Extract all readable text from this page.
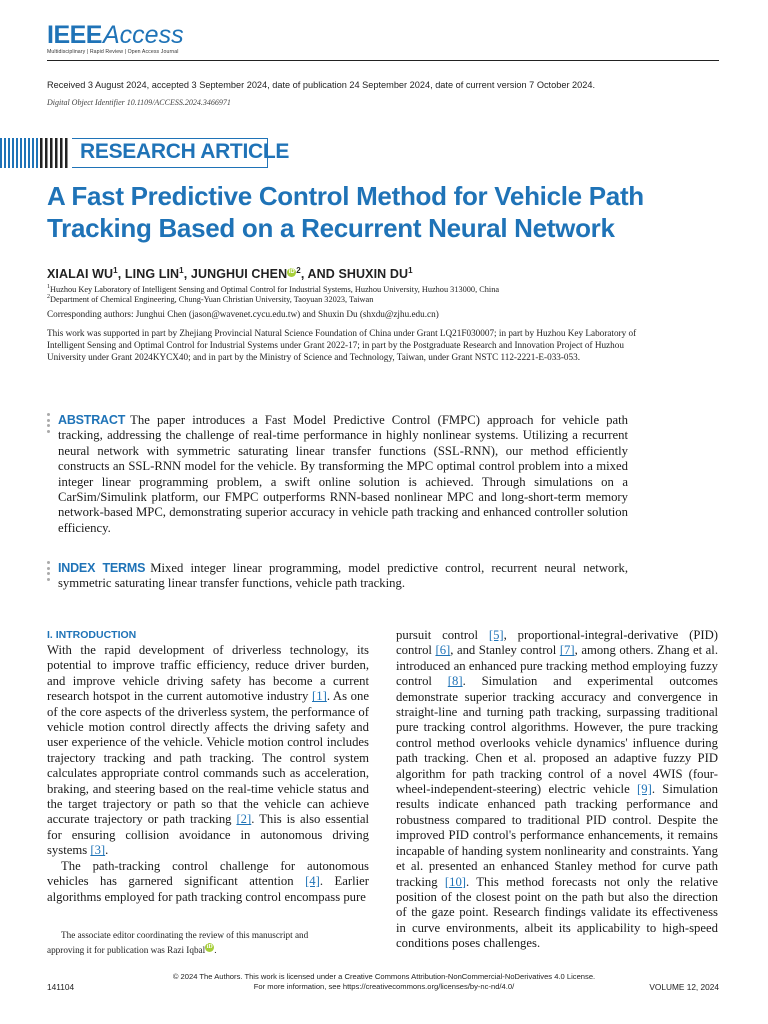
IEEEAccess
Multidisciplinary | Rapid Review | Open Access Journal
Received 3 August 2024, accepted 3 September 2024, date of publication 24 September 2024, date of current version 7 October 2024.
Digital Object Identifier 10.1109/ACCESS.2024.3466971
RESEARCH ARTICLE
A Fast Predictive Control Method for Vehicle Path Tracking Based on a Recurrent Neural Network
XIALAI $WU^1$, LING LIN$^1$, JUNGHUI CHENiD$^2$, AND SHUXIN $DU^1$
$^1$Huzhou Key Laboratory of Intelligent Sensing and Optimal Control for Industrial Systems, Huzhou University, Huzhou 313000, China
$^2$Department of Chemical Engineering, Chung-Yuan Christian University, Taoyuan 32023, Taiwan
Corresponding authors: Junghui Chen (jason@wavenet.cycu.edu.tw) and Shuxin Du (shxdu@zjhu.edu.cn)
This work was supported in part by Zhejiang Provincial Natural Science Foundation of China under Grant LQ21F030007; in part by Huzhou Key Laboratory of Intelligent Sensing and Optimal Control for Industrial Systems under Grant 2022-17; in part by the Postgraduate Research and Innovation Project of Huzhou University under Grant 2024KYCX40; and in part by the Ministry of Science and Technology, Taiwan, under Grant NSTC 112-2221-E-033-053.
ABSTRACT The paper introduces a Fast Model Predictive Control (FMPC) approach for vehicle path tracking, addressing the challenge of real-time performance in highly nonlinear systems. Utilizing a recurrent neural network with symmetric saturating linear transfer functions (SSL-RNN), our method efficiently constructs an SSL-RNN model for the vehicle. By transforming the MPC optimal control problem into a mixed integer linear programming problem, a swift online solution is achieved. Through simulations on a CarSim/Simulink platform, our FMPC outperforms RNN-based nonlinear MPC and long-short-term memory network-based MPC, demonstrating superior accuracy in vehicle path tracking and enhanced controller solution efficiency.
INDEX TERMS Mixed integer linear programming, model predictive control, recurrent neural network, symmetric saturating linear transfer functions, vehicle path tracking.
I. INTRODUCTION

With the rapid development of driverless technology, its potential to improve traffic efficiency, reduce driver burden, and improve vehicle driving safety has become a current research hotspot in the current automotive industry [1]. As one of the core aspects of the driverless system, the performance of vehicle motion control directly affects the driving safety and user experience of the vehicle. Vehicle motion control includes trajectory tracking and path tracking. The control system calculates appropriate control commands such as acceleration, braking, and steering based on the real-time vehicle status and the target trajectory or path so that the vehicle can achieve accurate trajectory or path tracking [2]. This is also essential for ensuring collision avoidance in autonomous driving systems [3].

The path-tracking control challenge for autonomous vehicles has garnered significant attention [4]. Earlier algorithms employed for path tracking control encompass pure

The associate editor coordinating the review of this manuscript and
approving it for publication was Razi Iqbal iD .

pursuit control [5], proportional-integral-derivative (PID) control [6], and Stanley control [7], among others. Zhang et al. introduced an enhanced pure tracking method employing fuzzy control [8]. Simulation and experimental outcomes demonstrate superior tracking accuracy and convergence in straight-line and turning path tracking, surpassing traditional pure tracking control algorithms. However, the pure tracking control method overlooks vehicle dynamics' influence during path tracking. Chen et al. proposed an adaptive fuzzy PID algorithm for path tracking control of a novel 4WIS (four-wheel-independent-steering) electric vehicle [9]. Simulation results indicate enhanced path tracking performance and robustness compared to traditional PID control. Despite the improved PID control's performance enhancements, it remains incapable of handing system nonlinearity and constraints. Yang et al. presented an enhanced Stanley method for curve path tracking [10]. This method forecasts not only the relative position of the closest point on the path but also the direction of the gaze point. Research findings validate its effectiveness in curve environments, albeit its applicability to high-speed conditions poses challenges.

© 2024 The Authors. This work is licensed under a Creative Commons Attribution-NonCommercial-NoDerivatives 4.0 License.
For more information, see https://creativecommons.org/licenses/by-nc-nd/4.0/
141104	VOLUME 12, 2024
